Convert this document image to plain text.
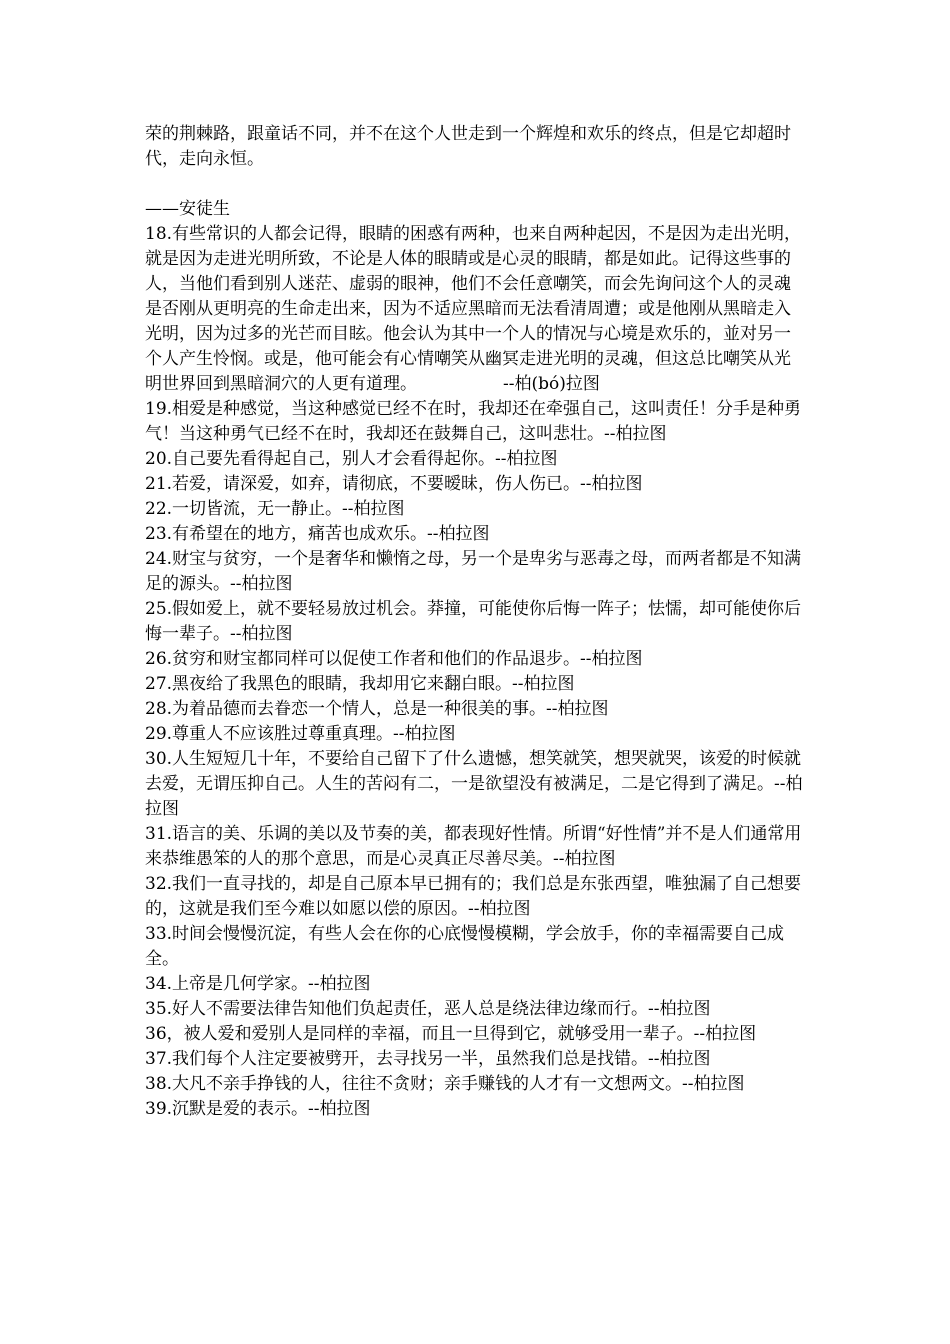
荣的荆棘路，跟童话不同，并不在这个人世走到一个辉煌和欢乐的终点，但是它却超时代，走向永恒。

——安徒生

18.有些常识的人都会记得，眼睛的困惑有两种，也来自两种起因，不是因为走出光明，就是因为走进光明所致，不论是人体的眼睛或是心灵的眼睛，都是如此。记得这些事的人，当他们看到别人迷茫、虚弱的眼神，他们不会任意嘲笑，而会先询问这个人的灵魂是否刚从更明亮的生命走出来，因为不适应黑暗而无法看清周遭；或是他刚从黑暗走入光明，因为过多的光芒而目眩。他会认为其中一个人的情况与心境是欢乐的，並对另一个人产生怜悯。或是，他可能会有心情嘲笑从幽冥走进光明的灵魂，但这总比嘲笑从光明世界回到黑暗洞穴的人更有道理。	--柏(bó)拉图

19.相爱是种感觉，当这种感觉已经不在时，我却还在牵强自己，这叫责任！分手是种勇气！当这种勇气已经不在时，我却还在鼓舞自己，这叫悲壮。--柏拉图

20.自己要先看得起自己，别人才会看得起你。--柏拉图

21.若爱，请深爱，如弃，请彻底，不要暧昧，伤人伤已。--柏拉图

22.一切皆流，无一静止。--柏拉图

23.有希望在的地方，痛苦也成欢乐。--柏拉图

24.财宝与贫穷，一个是奢华和懒惰之母，另一个是卑劣与恶毒之母，而两者都是不知满足的源头。--柏拉图

25.假如爱上，就不要轻易放过机会。莽撞，可能使你后悔一阵子；怯懦，却可能使你后悔一辈子。--柏拉图

26.贫穷和财宝都同样可以促使工作者和他们的作品退步。--柏拉图

27.黑夜给了我黑色的眼睛，我却用它来翻白眼。--柏拉图

28.为着品德而去眷恋一个情人，总是一种很美的事。--柏拉图

29.尊重人不应该胜过尊重真理。--柏拉图

30.人生短短几十年，不要给自己留下了什么遗憾，想笑就笑，想哭就哭，该爱的时候就去爱，无谓压抑自己。人生的苦闷有二，一是欲望没有被满足，二是它得到了满足。--柏拉图

31.语言的美、乐调的美以及节奏的美，都表现好性情。所谓“好性情”并不是人们通常用来恭维愚笨的人的那个意思，而是心灵真正尽善尽美。--柏拉图

32.我们一直寻找的，却是自己原本早已拥有的；我们总是东张西望，唯独漏了自己想要的，这就是我们至今难以如愿以偿的原因。--柏拉图

33.时间会慢慢沉淀，有些人会在你的心底慢慢模糊，学会放手，你的幸福需要自己成全。

34.上帝是几何学家。--柏拉图

35.好人不需要法律告知他们负起责任，恶人总是绕法律边缘而行。--柏拉图

36，被人爱和爱别人是同样的幸福，而且一旦得到它，就够受用一辈子。--柏拉图

37.我们每个人注定要被劈开，去寻找另一半，虽然我们总是找错。--柏拉图

38.大凡不亲手挣钱的人，往往不贪财；亲手赚钱的人才有一文想两文。--柏拉图

39.沉默是爱的表示。--柏拉图
